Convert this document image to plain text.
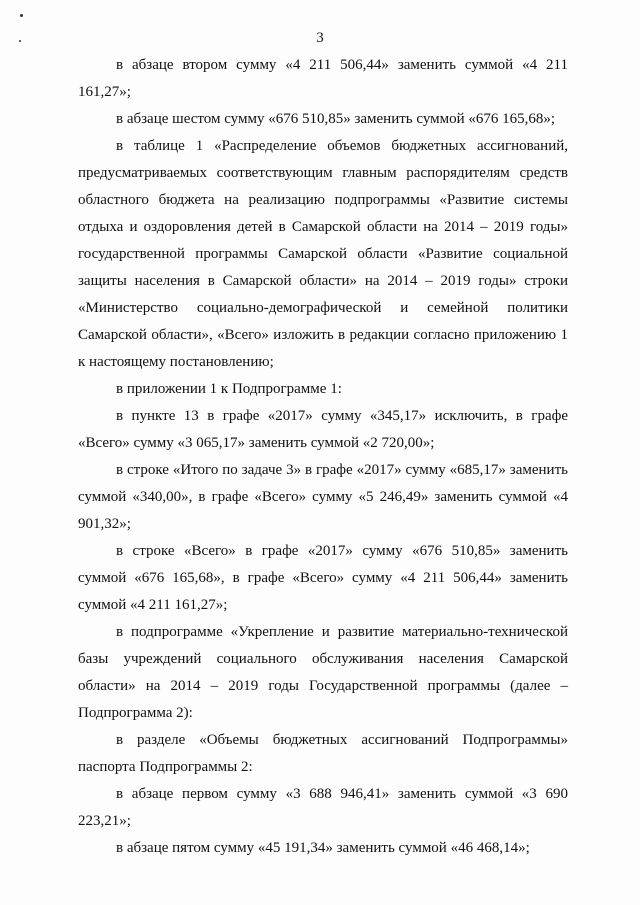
3

в абзаце втором сумму «4 211 506,44» заменить суммой «4 211 161,27»;

в абзаце шестом сумму «676 510,85» заменить суммой «676 165,68»;

в таблице 1 «Распределение объемов бюджетных ассигнований, предусматриваемых соответствующим главным распорядителям средств областного бюджета на реализацию подпрограммы «Развитие системы отдыха и оздоровления детей в Самарской области на 2014 – 2019 годы» государственной программы Самарской области «Развитие социальной защиты населения в Самарской области» на 2014 – 2019 годы» строки «Министерство социально-демографической и семейной политики Самарской области», «Всего» изложить в редакции согласно приложению 1 к настоящему постановлению;

в приложении 1 к Подпрограмме 1:

в пункте 13 в графе «2017» сумму «345,17» исключить, в графе «Всего» сумму «3 065,17» заменить суммой «2 720,00»;

в строке «Итого по задаче 3» в графе «2017» сумму «685,17» заменить суммой «340,00», в графе «Всего» сумму «5 246,49» заменить суммой «4 901,32»;

в строке «Всего» в графе «2017» сумму «676 510,85» заменить суммой «676 165,68», в графе «Всего» сумму «4 211 506,44» заменить суммой «4 211 161,27»;

в подпрограмме «Укрепление и развитие материально-технической базы учреждений социального обслуживания населения Самарской области» на 2014 – 2019 годы Государственной программы (далее – Подпрограмма 2):

в разделе «Объемы бюджетных ассигнований Подпрограммы» паспорта Подпрограммы 2:

в абзаце первом сумму «3 688 946,41» заменить суммой «3 690 223,21»;

в абзаце пятом сумму «45 191,34» заменить суммой «46 468,14»;
